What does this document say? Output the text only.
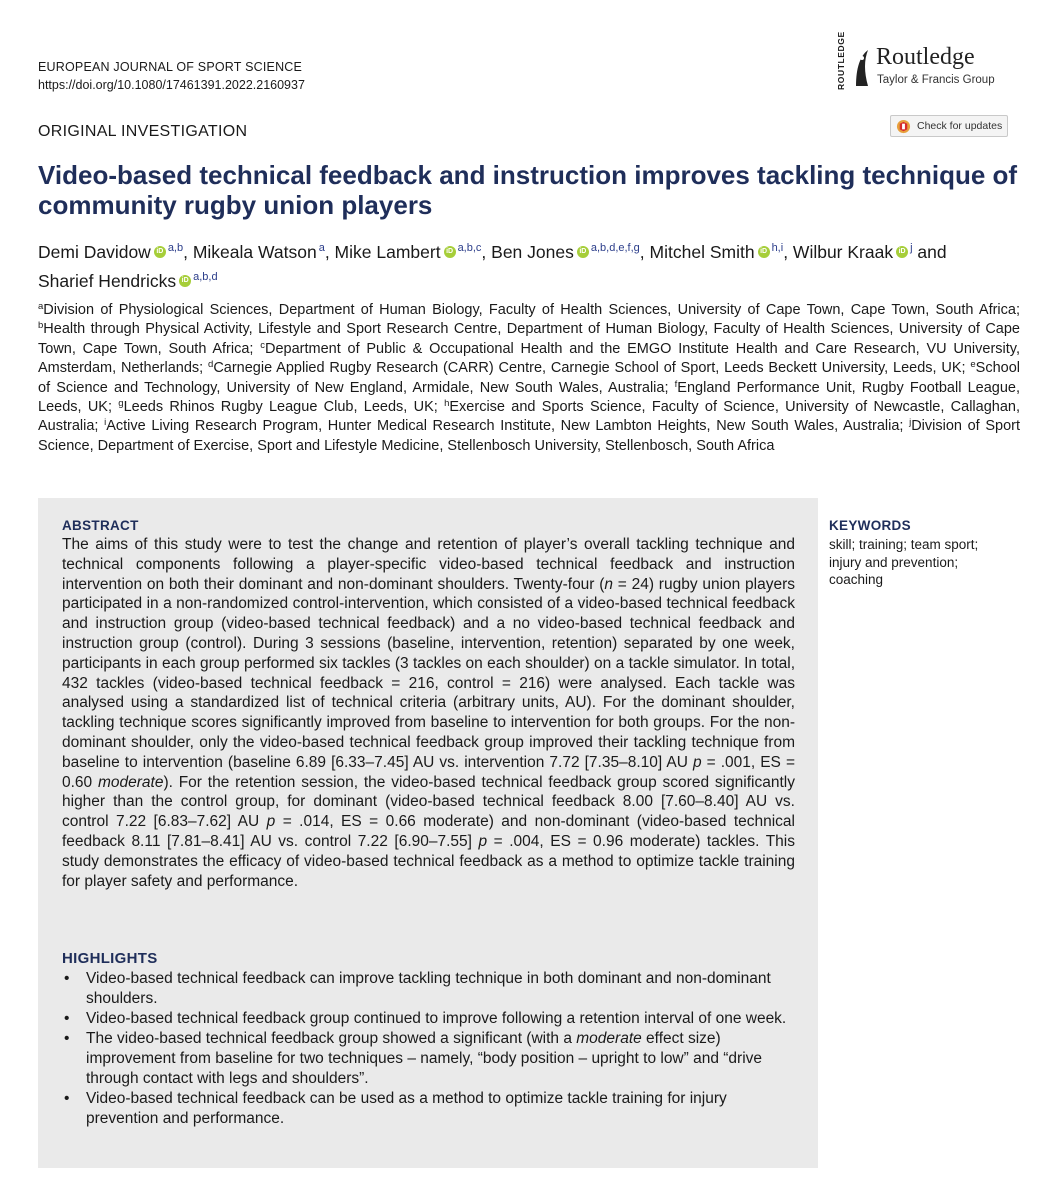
EUROPEAN JOURNAL OF SPORT SCIENCE
https://doi.org/10.1080/17461391.2022.2160937	ROUTLEDGE Routledge
Taylor & Francis Group
ORIGINAL INVESTIGATION	Check for updates
Video-based technical feedback and instruction improves tackling technique of community rugby union players
Demi Davidow iD $^{a,b}$, Mikeala Watson $^a$, Mike Lambert iD $^{a,b,c}$, Ben Jones iD $^{a,b,d,e,f,g}$, Mitchel Smith iD $^{h,i}$, Wilbur Kraak iD $^j$ and Sharief Hendricks iD $^{a,b,d}$
$^a$Division of Physiological Sciences, Department of Human Biology, Faculty of Health Sciences, University of Cape Town, Cape Town, South Africa; $^b$Health through Physical Activity, Lifestyle and Sport Research Centre, Department of Human Biology, Faculty of Health Sciences, University of Cape Town, Cape Town, South Africa; $^c$Department of Public & Occupational Health and the EMGO Institute Health and Care Research, VU University, Amsterdam, Netherlands; $^d$Carnegie Applied Rugby Research (CARR) Centre, Carnegie School of Sport, Leeds Beckett University, Leeds, UK; $^e$School of Science and Technology, University of New England, Armidale, New South Wales, Australia; $^f$England Performance Unit, Rugby Football League, Leeds, UK; $^g$Leeds Rhinos Rugby League Club, Leeds, UK; $^h$Exercise and Sports Science, Faculty of Science, University of Newcastle, Callaghan, Australia; $^i$Active Living Research Program, Hunter Medical Research Institute, New Lambton Heights, New South Wales, Australia; $^j$Division of Sport Science, Department of Exercise, Sport and Lifestyle Medicine, Stellenbosch University, Stellenbosch, South Africa
ABSTRACT

The aims of this study were to test the change and retention of player’s overall tackling technique and technical components following a player-specific video-based technical feedback and instruction intervention on both their dominant and non-dominant shoulders. Twenty-four (n = 24) rugby union players participated in a non-randomized control-intervention, which consisted of a video-based technical feedback and instruction group (video-based technical feedback) and a no video-based technical feedback and instruction group (control). During 3 sessions (baseline, intervention, retention) separated by one week, participants in each group performed six tackles (3 tackles on each shoulder) on a tackle simulator. In total, 432 tackles (video-based technical feedback = 216, control = 216) were analysed. Each tackle was analysed using a standardized list of technical criteria (arbitrary units, AU). For the dominant shoulder, tackling technique scores significantly improved from baseline to intervention for both groups. For the non-dominant shoulder, only the video-based technical feedback group improved their tackling technique from baseline to intervention (baseline 6.89 [6.33–7.45] AU vs. intervention 7.72 [7.35–8.10] AU p = .001, ES = 0.60 moderate). For the retention session, the video-based technical feedback group scored significantly higher than the control group, for dominant (video-based technical feedback 8.00 [7.60–8.40] AU vs. control 7.22 [6.83–7.62] AU p = .014, ES = 0.66 moderate) and non-dominant (video-based technical feedback 8.11 [7.81–8.41] AU vs. control 7.22 [6.90–7.55] p = .004, ES = 0.96 moderate) tackles. This study demonstrates the efficacy of video-based technical feedback as a method to optimize tackle training for player safety and performance.

HIGHLIGHTS
• Video-based technical feedback can improve tackling technique in both dominant and non-dominant shoulders.
• Video-based technical feedback group continued to improve following a retention interval of one week.
• The video-based technical feedback group showed a significant (with a moderate effect size) improvement from baseline for two techniques – namely, “body position – upright to low” and “drive through contact with legs and shoulders”.
• Video-based technical feedback can be used as a method to optimize tackle training for injury prevention and performance.
KEYWORDS
skill; training; team sport; injury and prevention; coaching
